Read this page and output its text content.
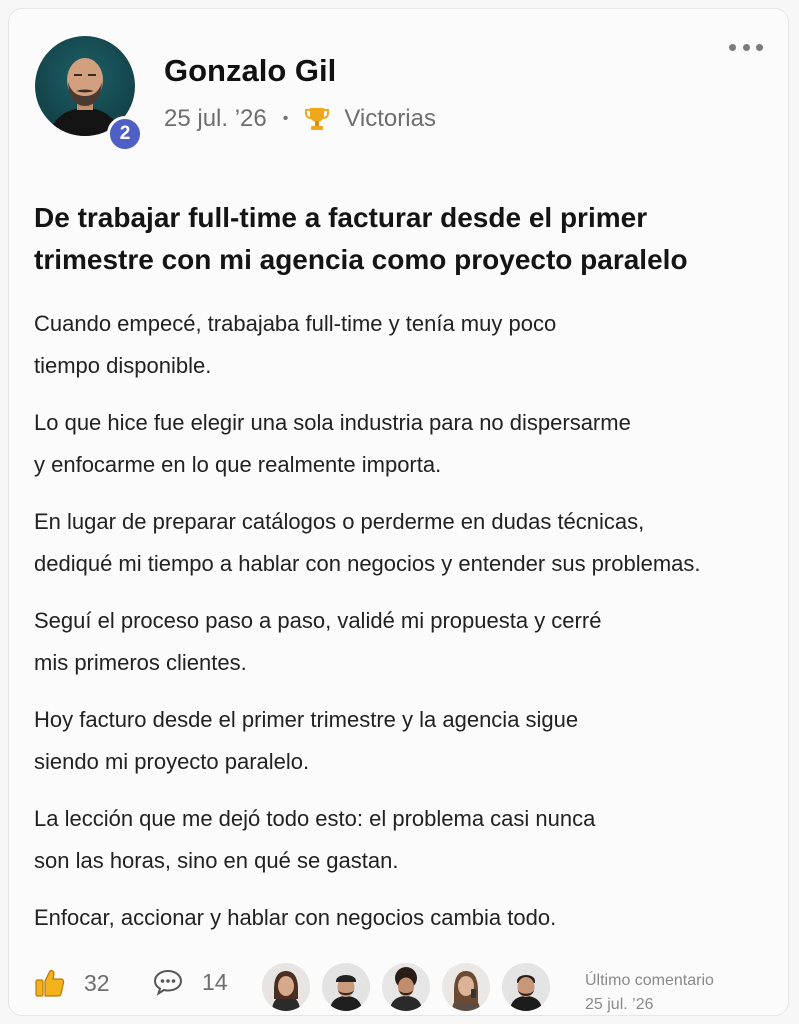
2
Gonzalo Gil
25 jul. ’26 • Victorias
De trabajar full-time a facturar desde el primer trimestre con mi agencia como proyecto paralelo

Cuando empecé, trabajaba full-time y tenía muy poco
tiempo disponible.

Lo que hice fue elegir una sola industria para no dispersarme
y enfocarme en lo que realmente importa.

En lugar de preparar catálogos o perderme en dudas técnicas,
dediqué mi tiempo a hablar con negocios y entender sus problemas.

Seguí el proceso paso a paso, validé mi propuesta y cerré
mis primeros clientes.

Hoy facturo desde el primer trimestre y la agencia sigue
siendo mi proyecto paralelo.

La lección que me dejó todo esto: el problema casi nunca
son las horas, sino en qué se gastan.

Enfocar, accionar y hablar con negocios cambia todo.

32	14	Último comentario
25 jul. ’26
